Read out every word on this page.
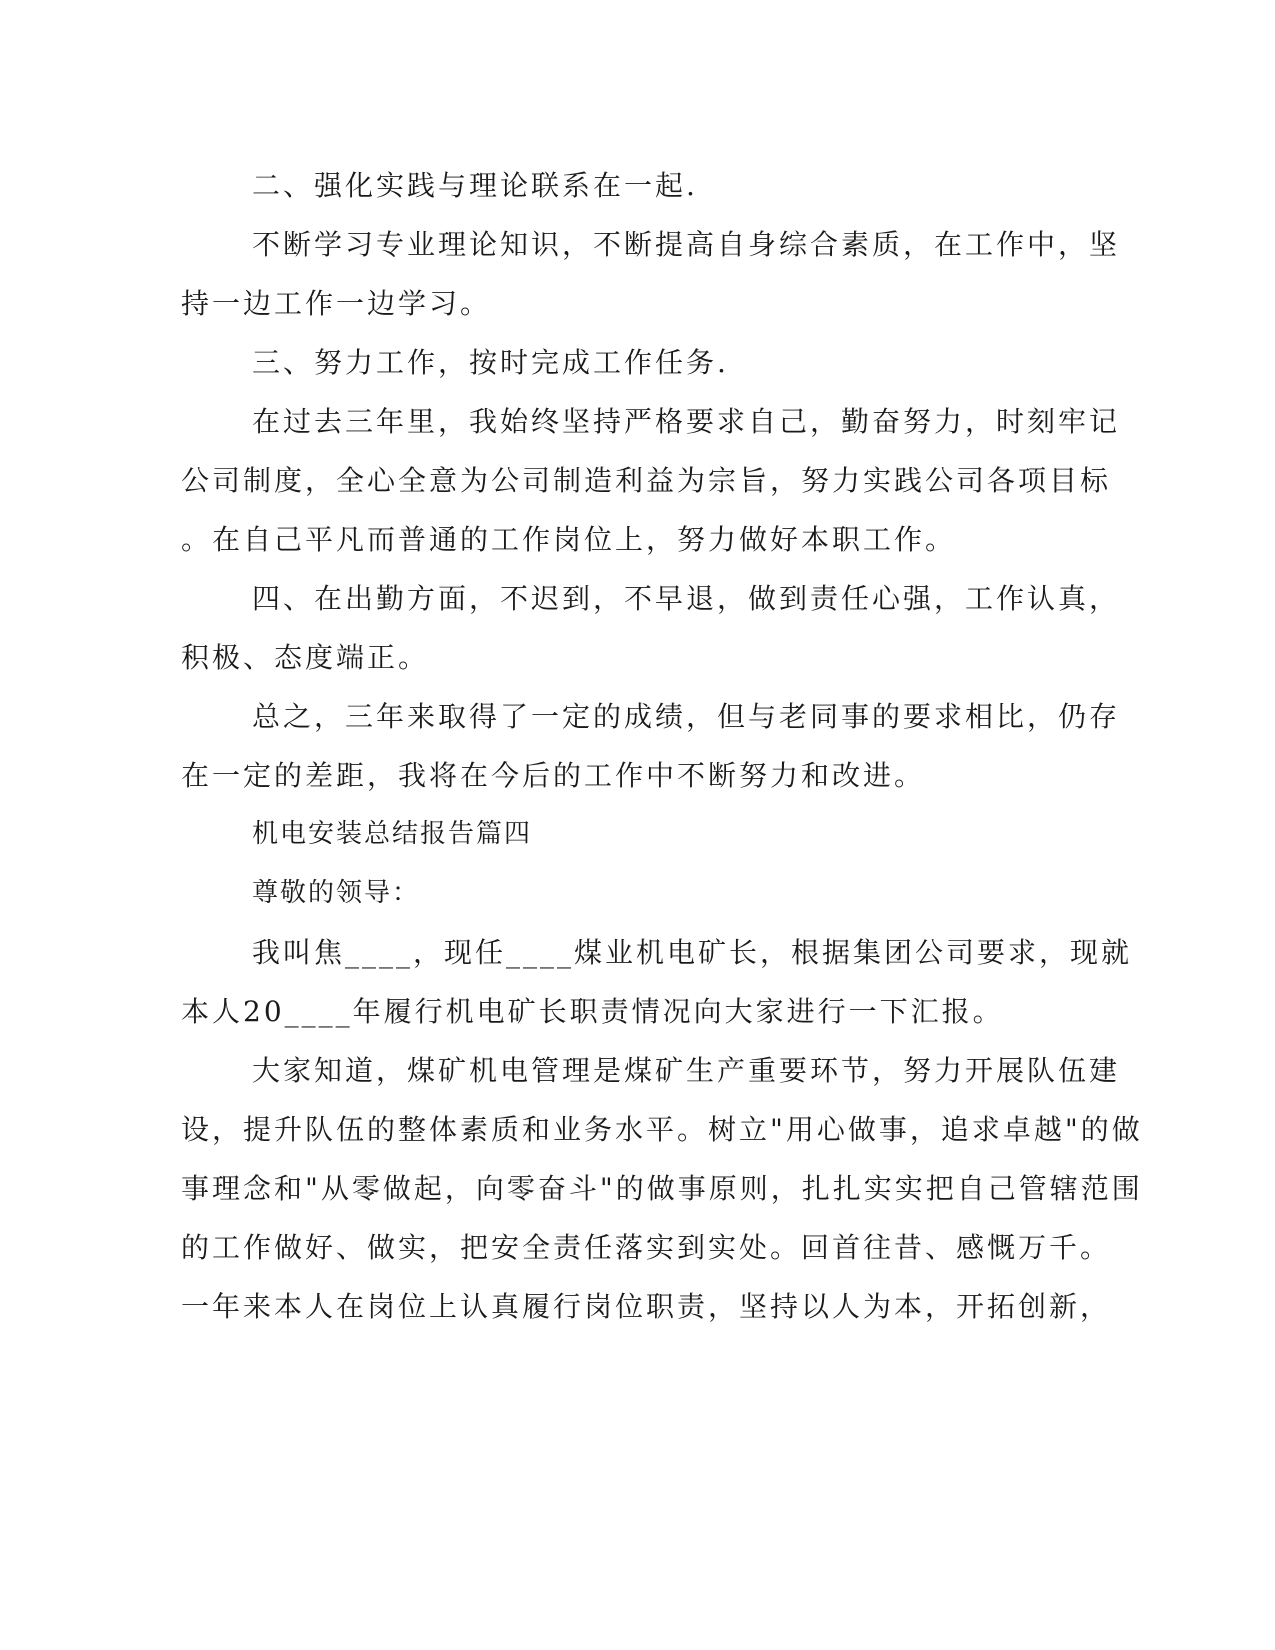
二、强化实践与理论联系在一起.
不断学习专业理论知识，不断提高自身综合素质，在工作中，坚
持一边工作一边学习。
三、努力工作，按时完成工作任务.
在过去三年里，我始终坚持严格要求自己，勤奋努力，时刻牢记
公司制度，全心全意为公司制造利益为宗旨，努力实践公司各项目标
。在自己平凡而普通的工作岗位上，努力做好本职工作。
四、在出勤方面，不迟到，不早退，做到责任心强，工作认真，
积极、态度端正。
总之，三年来取得了一定的成绩，但与老同事的要求相比，仍存
在一定的差距，我将在今后的工作中不断努力和改进。
机电安装总结报告篇四
尊敬的领导：
我叫焦____，现任____煤业机电矿长，根据集团公司要求，现就
本人20____年履行机电矿长职责情况向大家进行一下汇报。
大家知道，煤矿机电管理是煤矿生产重要环节，努力开展队伍建
设，提升队伍的整体素质和业务水平。树立"用心做事，追求卓越"的做
事理念和"从零做起，向零奋斗"的做事原则，扎扎实实把自己管辖范围
的工作做好、做实，把安全责任落实到实处。回首往昔、感慨万千。
一年来本人在岗位上认真履行岗位职责，坚持以人为本，开拓创新，
